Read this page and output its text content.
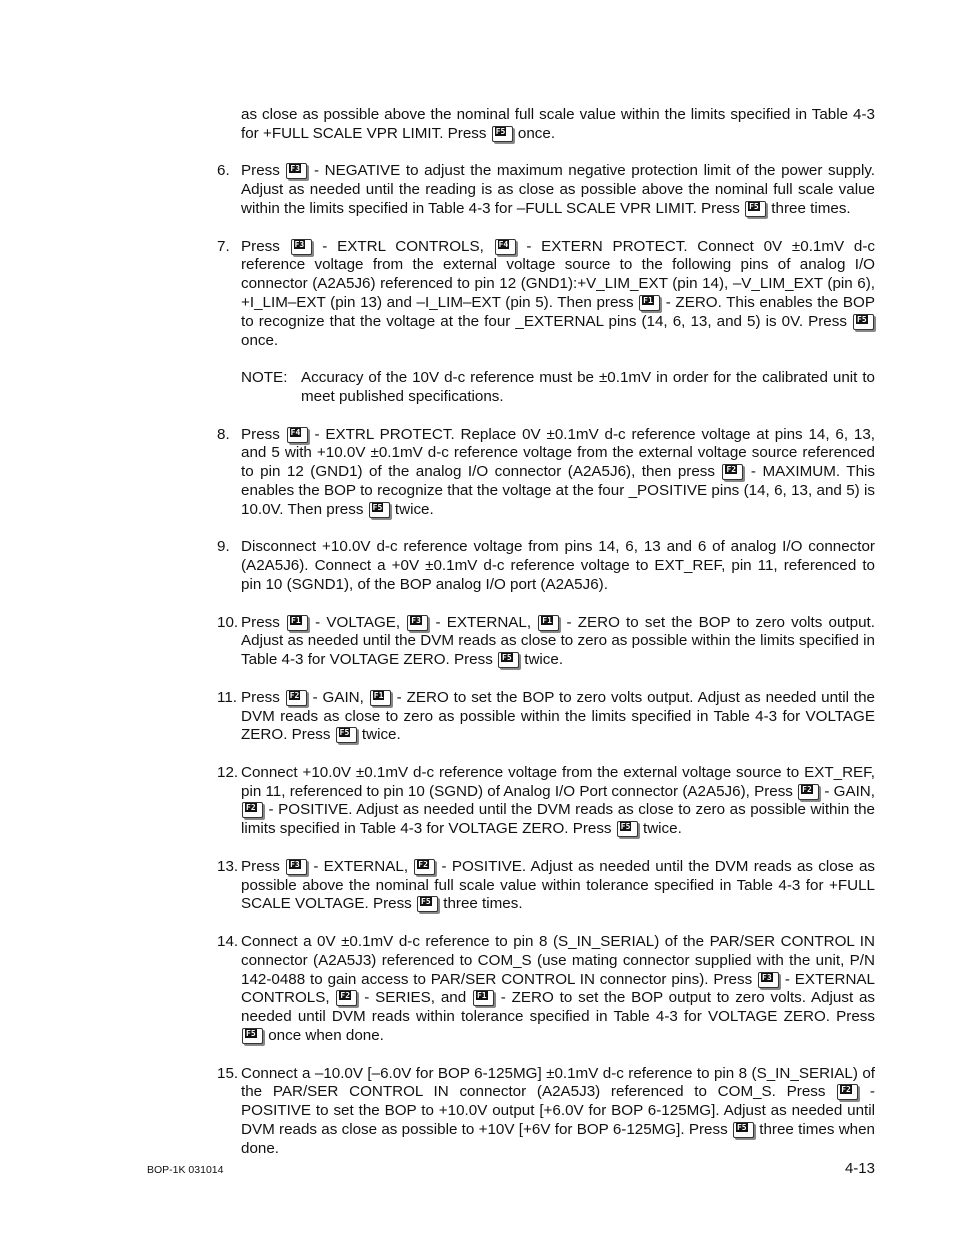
as close as possible above the nominal full scale value within the limits specified in Table 4-3 for +FULL SCALE VPR LIMIT. Press F5 once.

6. Press F3 - NEGATIVE to adjust the maximum negative protection limit of the power supply. Adjust as needed until the reading is as close as possible above the nominal full scale value within the limits specified in Table 4-3 for –FULL SCALE VPR LIMIT. Press F5 three times.

7. Press F3 - EXTRL CONTROLS, F4 - EXTERN PROTECT. Connect 0V ±0.1mV d-c reference voltage from the external voltage source to the following pins of analog I/O connector (A2A5J6) referenced to pin 12 (GND1):+V_LIM_EXT (pin 14), –V_LIM_EXT (pin 6), +I_LIM–EXT (pin 13) and –I_LIM–EXT (pin 5). Then press F1 - ZERO. This enables the BOP to recognize that the voltage at the four _EXTERNAL pins (14, 6, 13, and 5) is 0V. Press F5
once.

NOTE: Accuracy of the 10V d-c reference must be ±0.1mV in order for the calibrated unit to meet published specifications.

8. Press F4 - EXTRL PROTECT. Replace 0V ±0.1mV d-c reference voltage at pins 14, 6, 13, and 5 with +10.0V ±0.1mV d-c reference voltage from the external voltage source referenced to pin 12 (GND1) of the analog I/O connector (A2A5J6), then press F2 - MAXIMUM. This enables the BOP to recognize that the voltage at the four _POSITIVE pins (14, 6, 13, and 5) is 10.0V. Then press F5 twice.

9. Disconnect +10.0V d-c reference voltage from pins 14, 6, 13 and 6 of analog I/O connector (A2A5J6). Connect a +0V ±0.1mV d-c reference voltage to EXT_REF, pin 11, referenced to pin 10 (SGND1), of the BOP analog I/O port (A2A5J6).

10. Press F1 - VOLTAGE, F3 - EXTERNAL, F1 - ZERO to set the BOP to zero volts output. Adjust as needed until the DVM reads as close to zero as possible within the limits specified in Table 4-3 for VOLTAGE ZERO. Press F5 twice.

11. Press F2 - GAIN, F1 - ZERO to set the BOP to zero volts output. Adjust as needed until the DVM reads as close to zero as possible within the limits specified in Table 4-3 for VOLTAGE ZERO. Press F5 twice.

12. Connect +10.0V ±0.1mV d-c reference voltage from the external voltage source to EXT_REF, pin 11, referenced to pin 10 (SGND) of Analog I/O Port connector (A2A5J6), Press F2 - GAIN,
F2 - POSITIVE. Adjust as needed until the DVM reads as close to zero as possible within the limits specified in Table 4-3 for VOLTAGE ZERO. Press F5 twice.

13. Press F3 - EXTERNAL, F2 - POSITIVE. Adjust as needed until the DVM reads as close as possible above the nominal full scale value within tolerance specified in Table 4-3 for +FULL SCALE VOLTAGE. Press F5 three times.

14. Connect a 0V ±0.1mV d-c reference to pin 8 (S_IN_SERIAL) of the PAR/SER CONTROL IN connector (A2A5J3) referenced to COM_S (use mating connector supplied with the unit, P/N 142-0488 to gain access to PAR/SER CONTROL IN connector pins). Press F3 - EXTERNAL CONTROLS, F2 - SERIES, and F1 - ZERO to set the BOP output to zero volts. Adjust as needed until DVM reads within tolerance specified in Table 4-3 for VOLTAGE ZERO. Press
F5 once when done.

15. Connect a –10.0V [–6.0V for BOP 6-125MG] ±0.1mV d-c reference to pin 8 (S_IN_SERIAL) of the PAR/SER CONTROL IN connector (A2A5J3) referenced to COM_S. Press F2 - POSITIVE to set the BOP to +10.0V output [+6.0V for BOP 6-125MG]. Adjust as needed until DVM reads as close as possible to +10V [+6V for BOP 6-125MG]. Press F5 three times when done.

BOP-1K 031014	4-13
